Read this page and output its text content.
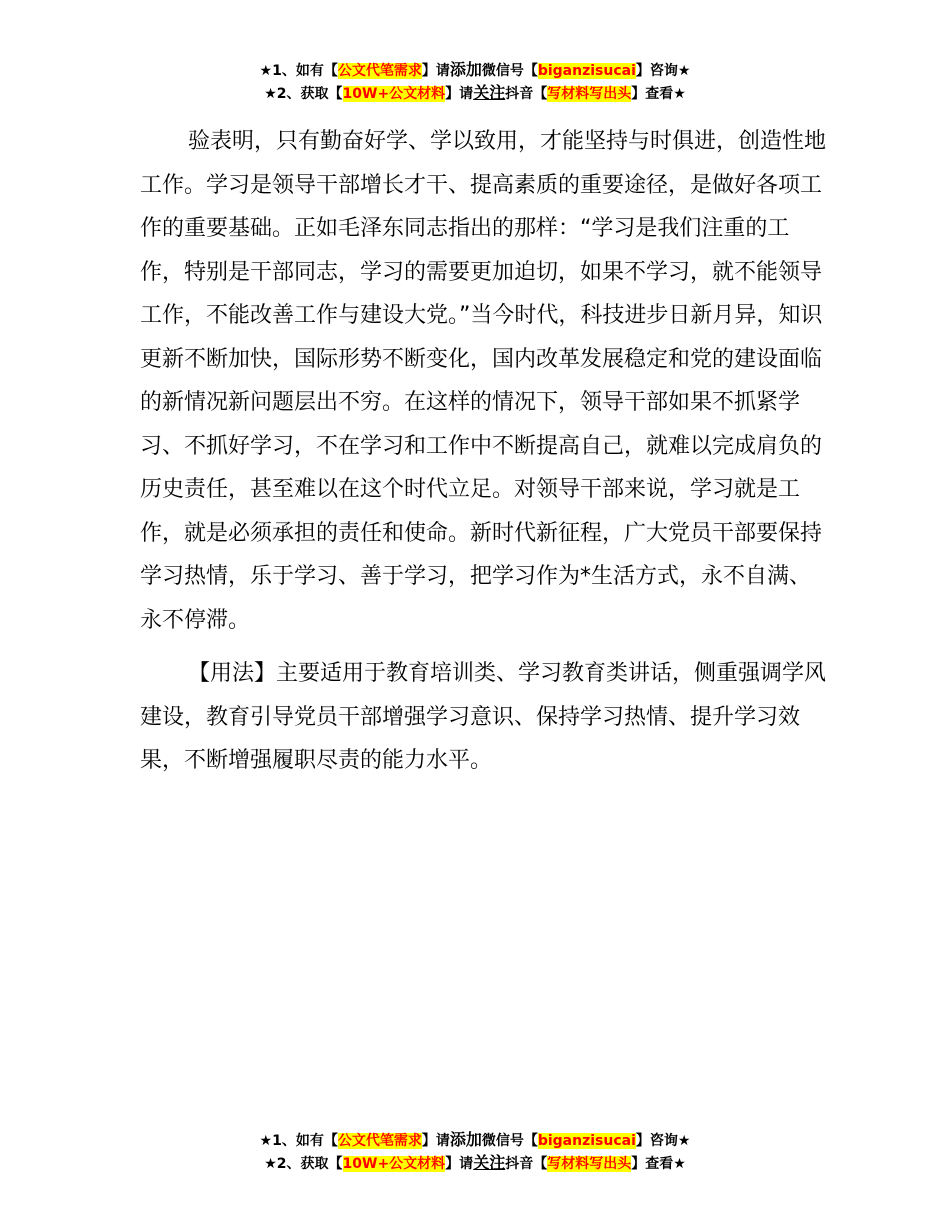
★1、如有【公文代笔需求】请添加微信号【biganzisucai】咨询★
★2、获取【10W+公文材料】请关注抖音【写材料写出头】查看★

验表明，只有勤奋好学、学以致用，才能坚持与时俱进，创造性地工作。学习是领导干部增长才干、提高素质的重要途径，是做好各项工作的重要基础。正如毛泽东同志指出的那样：“学习是我们注重的工作，特别是干部同志，学习的需要更加迫切，如果不学习，就不能领导工作，不能改善工作与建设大党。”当今时代，科技进步日新月异，知识更新不断加快，国际形势不断变化，国内改革发展稳定和党的建设面临的新情况新问题层出不穷。在这样的情况下，领导干部如果不抓紧学习、不抓好学习，不在学习和工作中不断提高自己，就难以完成肩负的历史责任，甚至难以在这个时代立足。对领导干部来说，学习就是工作，就是必须承担的责任和使命。新时代新征程，广大党员干部要保持学习热情，乐于学习、善于学习，把学习作为*生活方式，永不自满、永不停滞。

【用法】主要适用于教育培训类、学习教育类讲话，侧重强调学风建设，教育引导党员干部增强学习意识、保持学习热情、提升学习效果，不断增强履职尽责的能力水平。

★1、如有【公文代笔需求】请添加微信号【biganzisucai】咨询★
★2、获取【10W+公文材料】请关注抖音【写材料写出头】查看★
